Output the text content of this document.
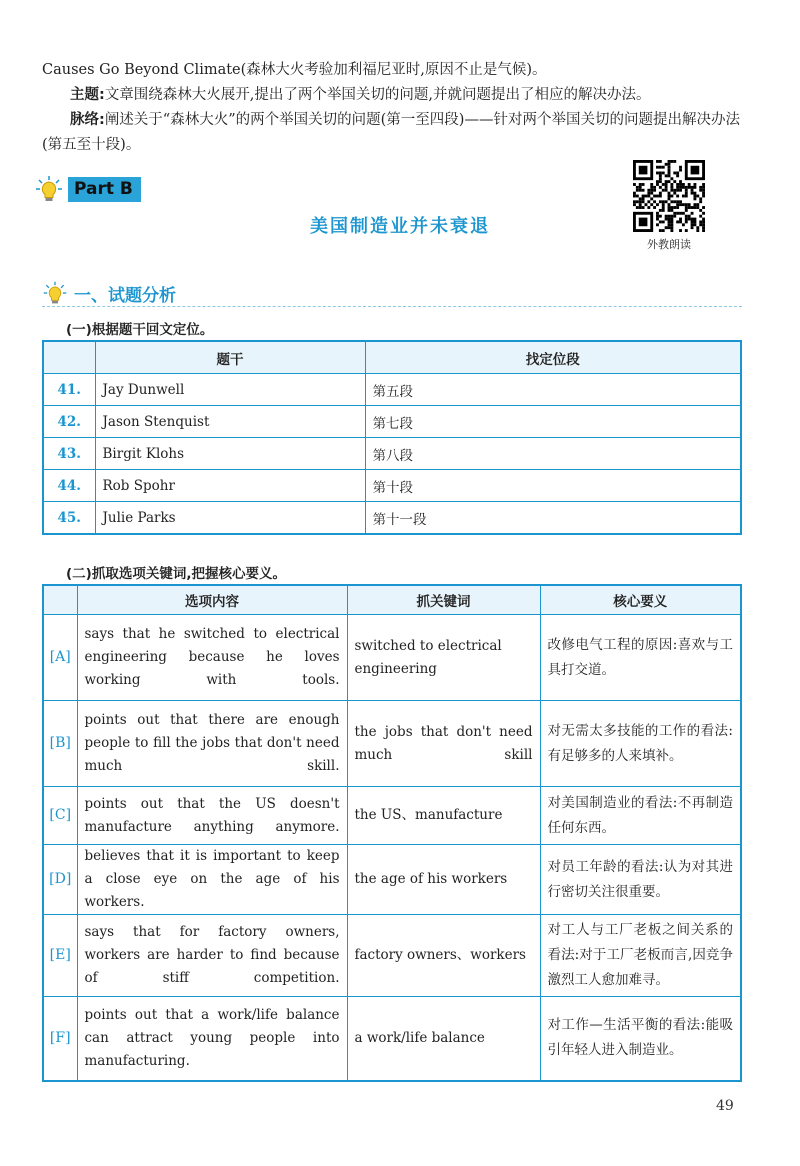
Causes Go Beyond Climate(森林大火考验加利福尼亚时,原因不止是气候)。

主题:文章围绕森林大火展开,提出了两个举国关切的问题,并就问题提出了相应的解决办法。

脉络:阐述关于“森林大火”的两个举国关切的问题(第一至四段)——针对两个举国关切的问题提出解决办法(第五至十段)。

Part B
美国制造业并未衰退
外教朗读
一、试题分析
(一)根据题干回文定位。
	题干	找定位段
41.	Jay Dunwell	第五段
42.	Jason Stenquist	第七段
43.	Birgit Klohs	第八段
44.	Rob Spohr	第十段
45.	Julie Parks	第十一段
(二)抓取选项关键词,把握核心要义。
	选项内容	抓关键词	核心要义
[A]	says that he switched to electrical engineering because he loves working with tools.	switched to electrical engineering	改修电气工程的原因:喜欢与工具打交道。
[B]	points out that there are enough people to fill the jobs that don't need much skill.	the jobs that don't need much skill	对无需太多技能的工作的看法:有足够多的人来填补。
[C]	points out that the US doesn't manufacture anything anymore.	the US、manufacture	对美国制造业的看法:不再制造任何东西。
[D]	believes that it is important to keep a close eye on the age of his workers.	the age of his workers	对员工年龄的看法:认为对其进行密切关注很重要。
[E]	says that for factory owners, workers are harder to find because of stiff competition.	factory owners、workers	对工人与工厂老板之间关系的看法:对于工厂老板而言,因竞争激烈工人愈加难寻。
[F]	points out that a work/life balance can attract young people into manufacturing.	a work/life balance	对工作—生活平衡的看法:能吸引年轻人进入制造业。
49
